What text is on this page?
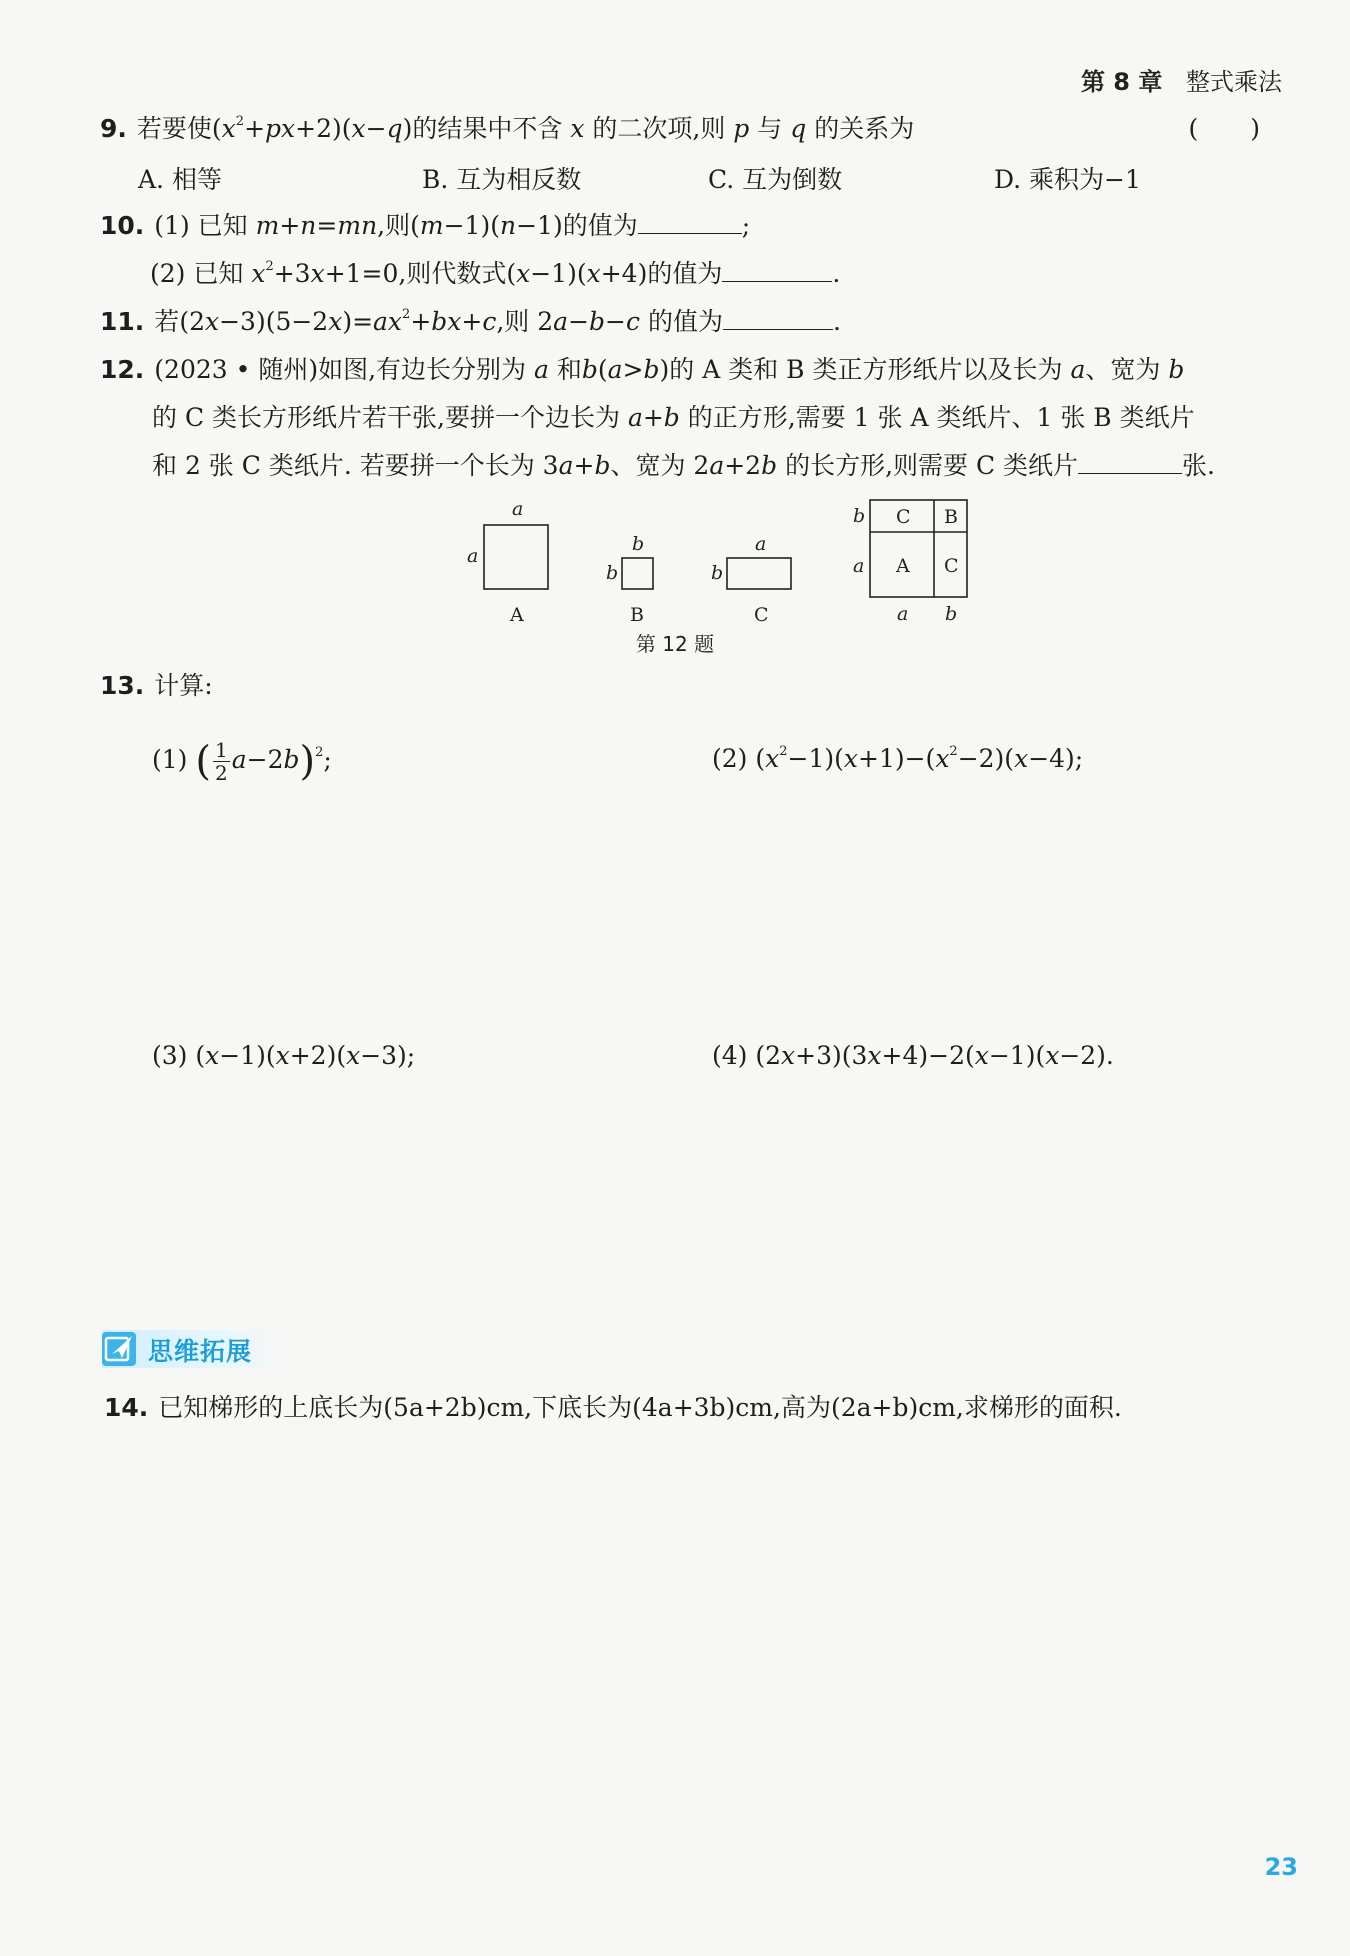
第 8 章 整式乘法
9. 若要使$(x^2+px+2)(x-q)$的结果中不含 x 的二次项,则 p 与 q 的关系为	( )
A. 相等	B. 互为相反数	C. 互为倒数	D. 乘积为−1
10. (1) 已知 m+n=mn,则(m−1)(n−1)的值为	;
(2) 已知 $x^2+3x+1=0$,则代数式(x−1)(x+4)的值为	.
11. 若$(2x-3)(5-2x)=ax^2+bx+c$,则 2a−b−c 的值为	.
12. (2023 • 随州)如图,有边长分别为 a 和b(a>b)的 A 类和 B 类正方形纸片以及长为 a、宽为 b
的 C 类长方形纸片若干张,要拼一个边长为 a+b 的正方形,需要 1 张 A 类纸片、1 张 B 类纸片
和 2 张 C 类纸片. 若要拼一个长为 3a+b、宽为 2a+2b 的长方形,则需要 C 类纸片	张.
a
a
A
b
b
B
a
b
C
C B
A C
b
a
a b
第 12 题
13. 计算:
(1) ( $\frac{1}{2} a-2b)^2$;	(2) $(x^2-1)(x+1)-(x^2-2)(x-4)$;
(3) (x−1)(x+2)(x−3);	(4) (2x+3)(3x+4)−2(x−1)(x−2).
思维拓展
14. 已知梯形的上底长为(5a+2b)cm,下底长为(4a+3b)cm,高为(2a+b)cm,求梯形的面积.
23
